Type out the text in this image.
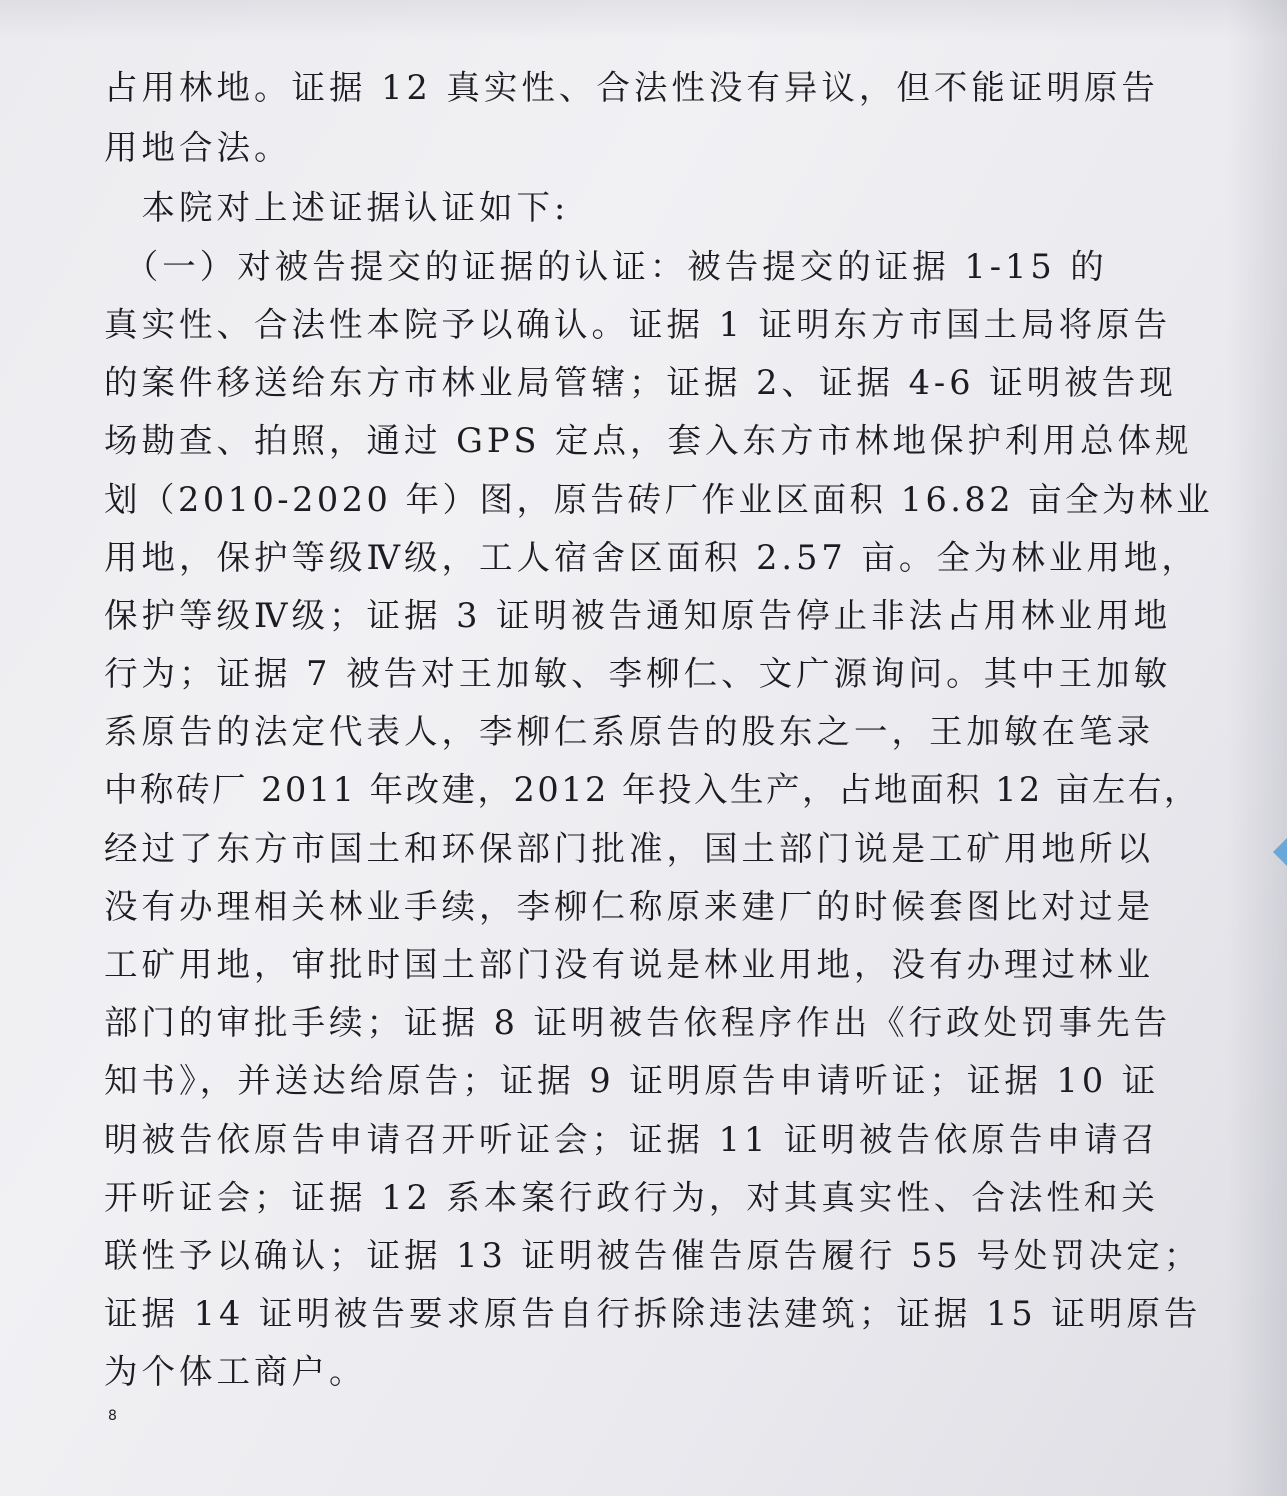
占用林地。证据 12 真实性、合法性没有异议，但不能证明原告

用地合法。

　本院对上述证据认证如下:

　（一）对被告提交的证据的认证：被告提交的证据 1-15 的

真实性、合法性本院予以确认。证据 1 证明东方市国土局将原告

的案件移送给东方市林业局管辖；证据 2、证据 4-6 证明被告现

场勘查、拍照，通过 GPS 定点，套入东方市林地保护利用总体规

划（2010-2020 年）图，原告砖厂作业区面积 16.82 亩全为林业

用地，保护等级Ⅳ级，工人宿舍区面积 2.57 亩。全为林业用地，

保护等级Ⅳ级；证据 3 证明被告通知原告停止非法占用林业用地

行为；证据 7 被告对王加敏、李柳仁、文广源询问。其中王加敏

系原告的法定代表人，李柳仁系原告的股东之一，王加敏在笔录

中称砖厂 2011 年改建，2012 年投入生产，占地面积 12 亩左右，

经过了东方市国土和环保部门批准，国土部门说是工矿用地所以

没有办理相关林业手续，李柳仁称原来建厂的时候套图比对过是

工矿用地，审批时国土部门没有说是林业用地，没有办理过林业

部门的审批手续；证据 8 证明被告依程序作出《行政处罚事先告

知书》，并送达给原告；证据 9 证明原告申请听证；证据 10 证

明被告依原告申请召开听证会；证据 11 证明被告依原告申请召

开听证会；证据 12 系本案行政行为，对其真实性、合法性和关

联性予以确认；证据 13 证明被告催告原告履行 55 号处罚决定；

证据 14 证明被告要求原告自行拆除违法建筑；证据 15 证明原告

为个体工商户。

8
